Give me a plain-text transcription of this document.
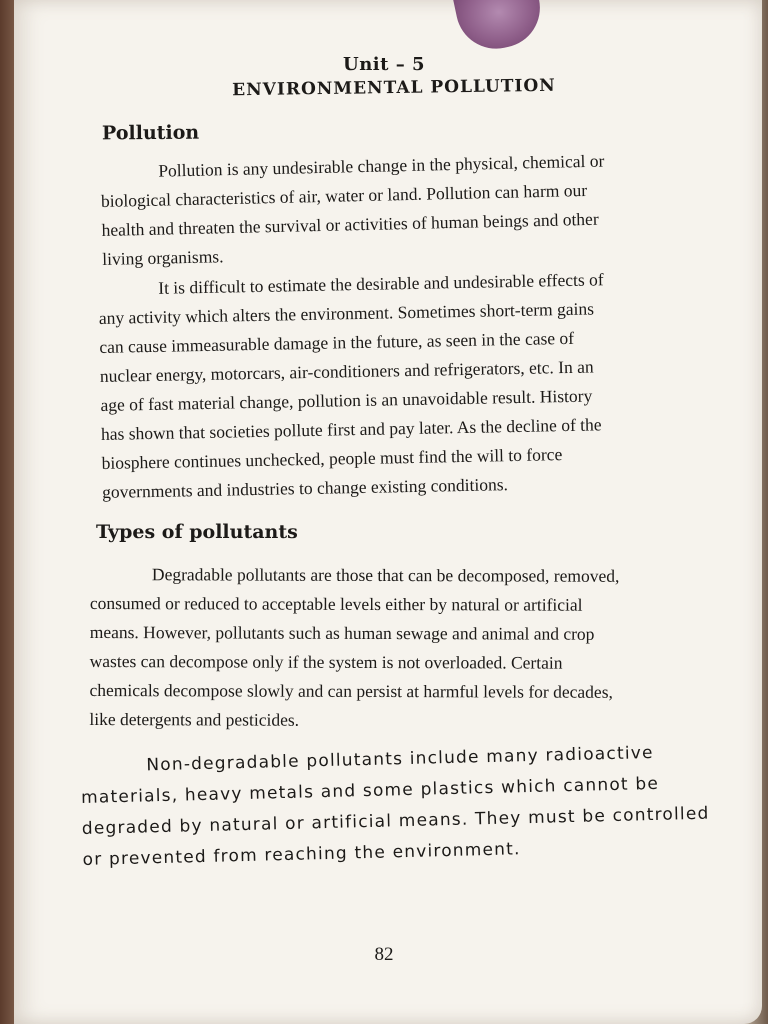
Unit – 5
ENVIRONMENTAL POLLUTION
Pollution
Pollution is any undesirable change in the physical, chemical or
biological characteristics of air, water or land. Pollution can harm our
health and threaten the survival or activities of human beings and other
living organisms.
It is difficult to estimate the desirable and undesirable effects of
any activity which alters the environment. Sometimes short-term gains
can cause immeasurable damage in the future, as seen in the case of
nuclear energy, motorcars, air-conditioners and refrigerators, etc. In an
age of fast material change, pollution is an unavoidable result. History
has shown that societies pollute first and pay later. As the decline of the
biosphere continues unchecked, people must find the will to force
governments and industries to change existing conditions.
Types of pollutants
Degradable pollutants are those that can be decomposed, removed,
consumed or reduced to acceptable levels either by natural or artificial
means. However, pollutants such as human sewage and animal and crop
wastes can decompose only if the system is not overloaded. Certain
chemicals decompose slowly and can persist at harmful levels for decades,
like detergents and pesticides.
Non-degradable pollutants include many radioactive
materials, heavy metals and some plastics which cannot be
degraded by natural or artificial means. They must be controlled
or prevented from reaching the environment.
82
